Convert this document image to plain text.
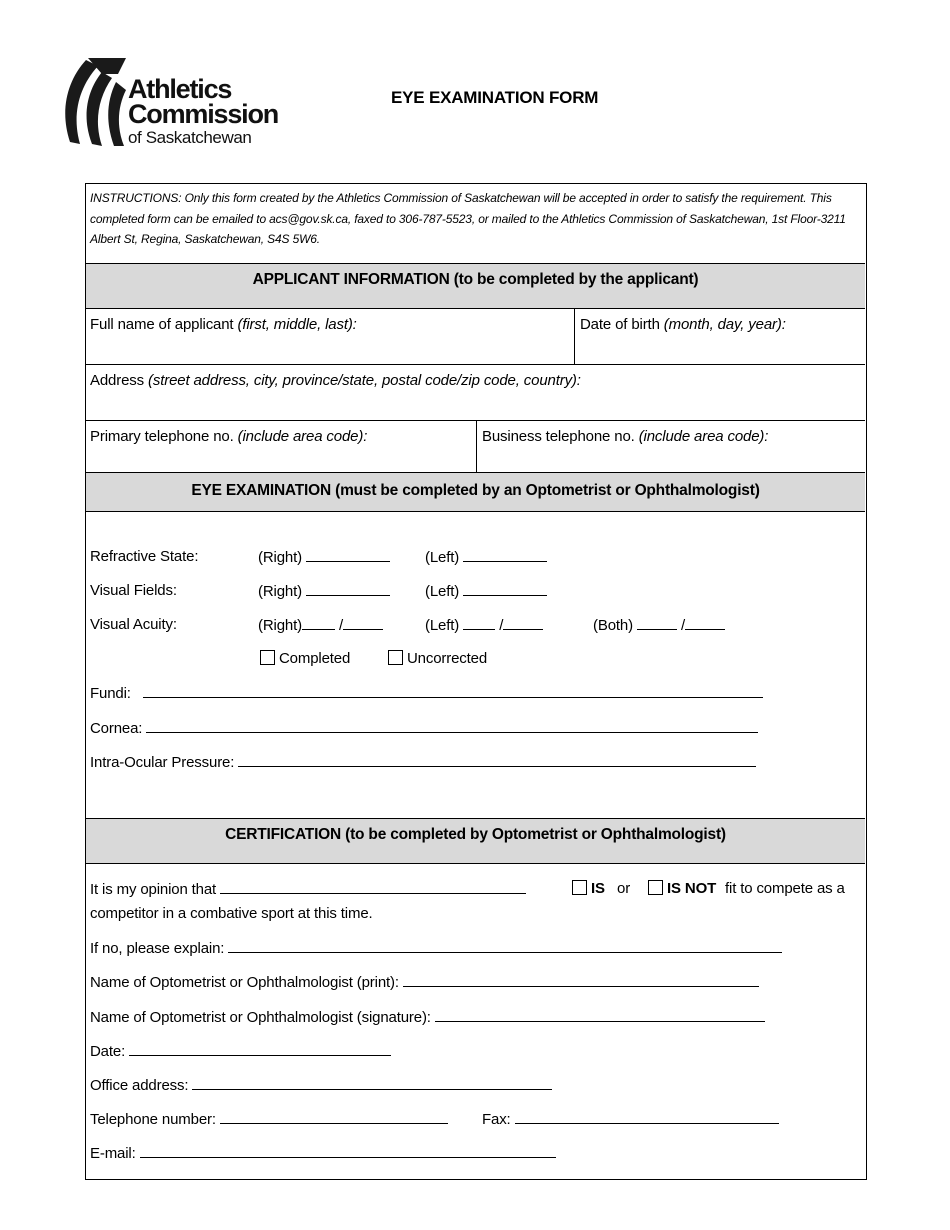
Athletics
Commission
of Saskatchewan
EYE EXAMINATION FORM
INSTRUCTIONS: Only this form created by the Athletics Commission of Saskatchewan will be accepted in order to satisfy the requirement. This completed form can be emailed to acs@gov.sk.ca, faxed to 306-787-5523, or mailed to the Athletics Commission of Saskatchewan, 1st Floor-3211 Albert St, Regina, Saskatchewan, S4S 5W6.
APPLICANT INFORMATION (to be completed by the applicant)
Full name of applicant (first, middle, last):	Date of birth (month, day, year):
Address (street address, city, province/state, postal code/zip code, country):
Primary telephone no. (include area code):	Business telephone no. (include area code):
EYE EXAMINATION (must be completed by an Optometrist or Ophthalmologist)
Refractive State:	(Right)	(Left)
Visual Fields:	(Right)	(Left)
Visual Acuity:	(Right) /	(Left)	/	(Both)	/
Completed	Uncorrected
Fundi:
Cornea:
Intra-Ocular Pressure:
CERTIFICATION (to be completed by Optometrist or Ophthalmologist)
It is my opinion that	IS or	IS NOT fit to compete as a
competitor in a combative sport at this time.
If no, please explain:
Name of Optometrist or Ophthalmologist (print):
Name of Optometrist or Ophthalmologist (signature):
Date:
Office address:
Telephone number:	Fax:
E-mail:
